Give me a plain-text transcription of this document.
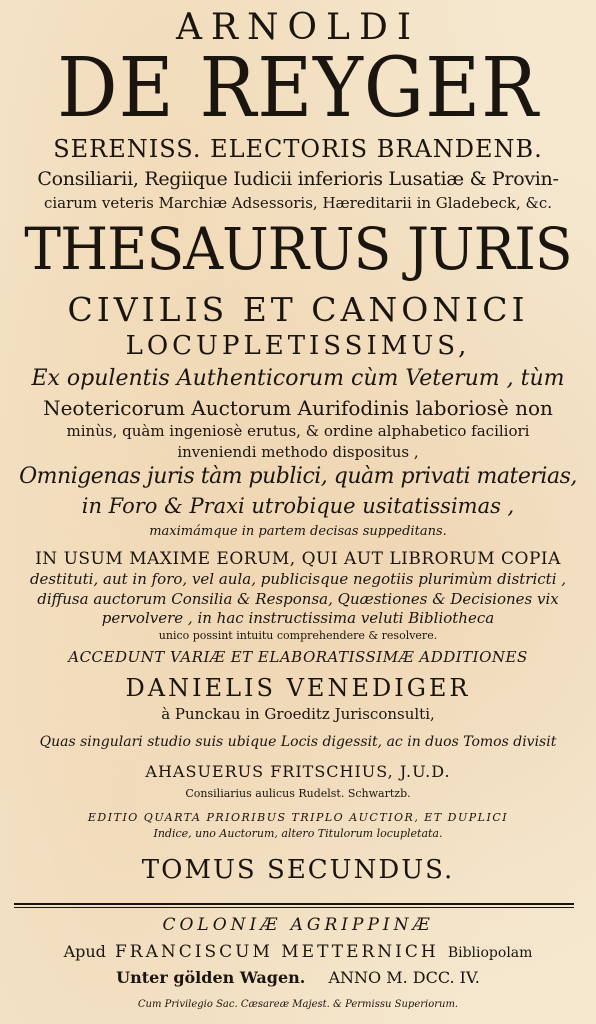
ARNOLDI
DE REYGER
SERENISS. ELECTORIS BRANDENB.
Consiliarii, Regiique Iudicii inferioris Lusatiæ & Provin-
ciarum veteris Marchiæ Adsessoris, Hæreditarii in Gladebeck, &c.
THESAURUS JURIS
CIVILIS ET CANONICI
LOCUPLETISSIMUS,
Ex opulentis Authenticorum cùm Veterum , tùm
Neotericorum Auctorum Aurifodinis laboriosè non
minùs, quàm ingeniosè erutus, & ordine alphabetico faciliori
inveniendi methodo dispositus ,
Omnigenas juris tàm publici, quàm privati materias,
in Foro & Praxi utrobique usitatissimas ,
maximámque in partem decisas suppeditans.
IN USUM MAXIME EORUM, QUI AUT LIBRORUM COPIA
destituti, aut in foro, vel aula, publicisque negotiis plurimùm districti ,
diffusa auctorum Consilia & Responsa, Quæstiones & Decisiones vix
pervolvere , in hac instructissima veluti Bibliotheca
unico possint intuitu comprehendere & resolvere.
ACCEDUNT VARIÆ ET ELABORATISSIMÆ ADDITIONES
DANIELIS VENEDIGER
à Punckau in Groeditz Jurisconsulti,
Quas singulari studio suis ubique Locis digessit, ac in duos Tomos divisit
AHASUERUS FRITSCHIUS, J.U.D.
Consiliarius aulicus Rudelst. Schwartzb.
EDITIO QUARTA PRIORIBUS TRIPLO AUCTIOR, ET DUPLICI
Indice, uno Auctorum, altero Titulorum locupletata.
TOMUS SECUNDUS.
COLONIÆ AGRIPPINÆ
Apud FRANCISCUM METTERNICH Bibliopolam
Unter gölden Wagen. ANNO M. DCC. IV.
Cum Privilegio Sac. Cæsareæ Majest. & Permissu Superiorum.
